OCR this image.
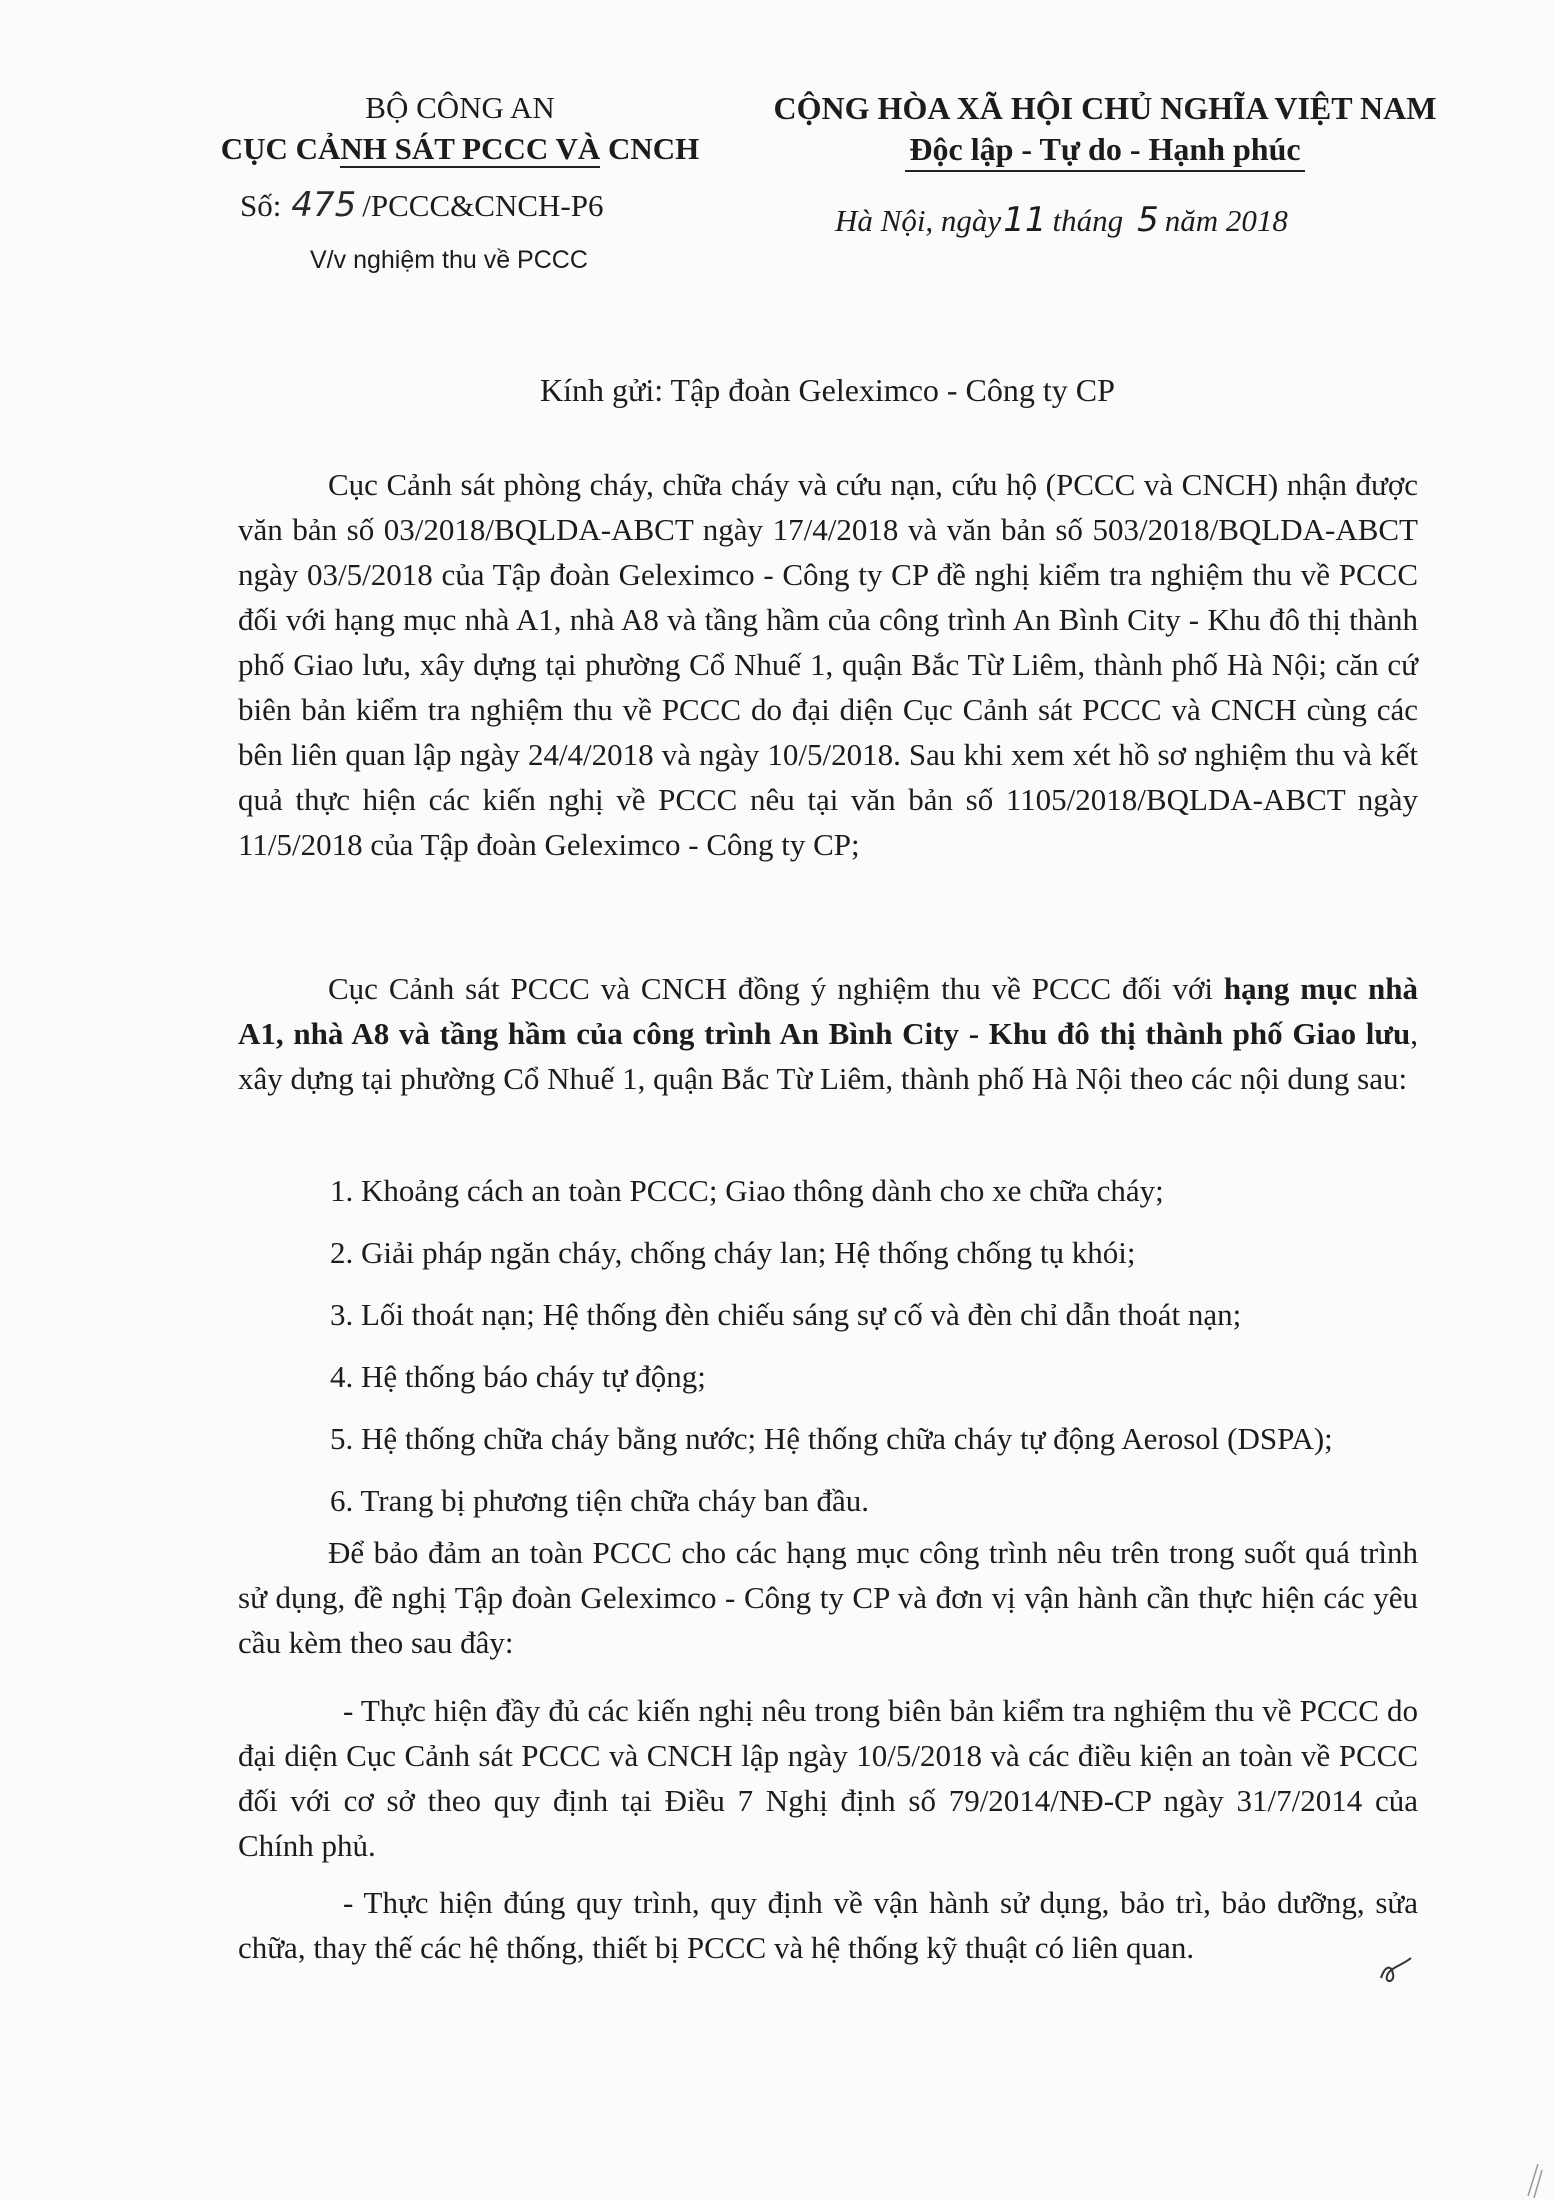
BỘ CÔNG AN
CỤC CẢNH SÁT PCCC VÀ CNCH
CỘNG HÒA XÃ HỘI CHỦ NGHĨA VIỆT NAM
Độc lập - Tự do - Hạnh phúc
Số: 475 /PCCC&CNCH-P6
V/v nghiệm thu về PCCC
Hà Nội, ngày11 tháng 5 năm 2018
Kính gửi: Tập đoàn Geleximco - Công ty CP
Cục Cảnh sát phòng cháy, chữa cháy và cứu nạn, cứu hộ (PCCC và CNCH) nhận được văn bản số 03/2018/BQLDA-ABCT ngày 17/4/2018 và văn bản số 503/2018/BQLDA-ABCT ngày 03/5/2018 của Tập đoàn Geleximco - Công ty CP đề nghị kiểm tra nghiệm thu về PCCC đối với hạng mục nhà A1, nhà A8 và tầng hầm của công trình An Bình City - Khu đô thị thành phố Giao lưu, xây dựng tại phường Cổ Nhuế 1, quận Bắc Từ Liêm, thành phố Hà Nội; căn cứ biên bản kiểm tra nghiệm thu về PCCC do đại diện Cục Cảnh sát PCCC và CNCH cùng các bên liên quan lập ngày 24/4/2018 và ngày 10/5/2018. Sau khi xem xét hồ sơ nghiệm thu và kết quả thực hiện các kiến nghị về PCCC nêu tại văn bản số 1105/2018/BQLDA-ABCT ngày 11/5/2018 của Tập đoàn Geleximco - Công ty CP;
Cục Cảnh sát PCCC và CNCH đồng ý nghiệm thu về PCCC đối với hạng mục nhà A1, nhà A8 và tầng hầm của công trình An Bình City - Khu đô thị thành phố Giao lưu, xây dựng tại phường Cổ Nhuế 1, quận Bắc Từ Liêm, thành phố Hà Nội theo các nội dung sau:
1. Khoảng cách an toàn PCCC; Giao thông dành cho xe chữa cháy;
2. Giải pháp ngăn cháy, chống cháy lan; Hệ thống chống tụ khói;
3. Lối thoát nạn; Hệ thống đèn chiếu sáng sự cố và đèn chỉ dẫn thoát nạn;
4. Hệ thống báo cháy tự động;
5. Hệ thống chữa cháy bằng nước; Hệ thống chữa cháy tự động Aerosol (DSPA);
6. Trang bị phương tiện chữa cháy ban đầu.
Để bảo đảm an toàn PCCC cho các hạng mục công trình nêu trên trong suốt quá trình sử dụng, đề nghị Tập đoàn Geleximco - Công ty CP và đơn vị vận hành cần thực hiện các yêu cầu kèm theo sau đây:
- Thực hiện đầy đủ các kiến nghị nêu trong biên bản kiểm tra nghiệm thu về PCCC do đại diện Cục Cảnh sát PCCC và CNCH lập ngày 10/5/2018 và các điều kiện an toàn về PCCC đối với cơ sở theo quy định tại Điều 7 Nghị định số 79/2014/NĐ-CP ngày 31/7/2014 của Chính phủ.
- Thực hiện đúng quy trình, quy định về vận hành sử dụng, bảo trì, bảo dưỡng, sửa chữa, thay thế các hệ thống, thiết bị PCCC và hệ thống kỹ thuật có liên quan.
